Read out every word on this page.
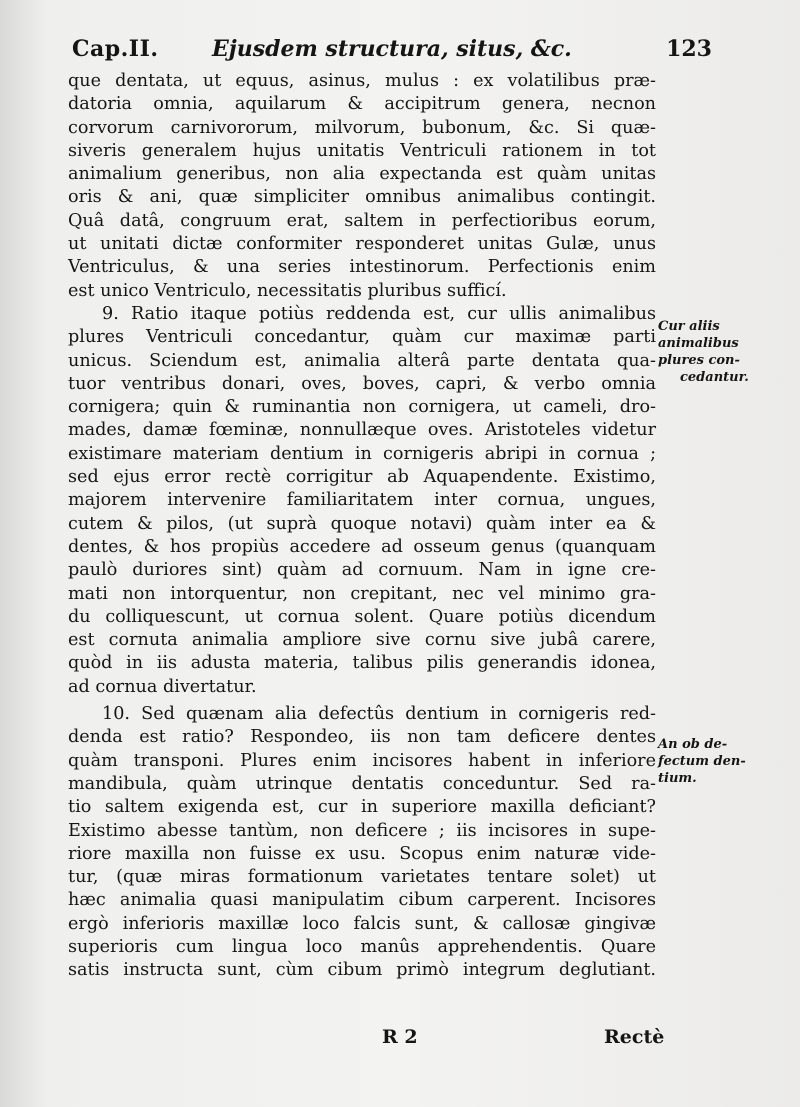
Cap.II. Ejusdem structura, situs, &c.	123
que dentata, ut equus, asinus, mulus : ex volatilibus præ-
datoria omnia, aquilarum & accipitrum genera, necnon
corvorum carnivororum, milvorum, bubonum, &c. Si quæ-
siveris generalem hujus unitatis Ventriculi rationem in tot
animalium generibus, non alia expectanda est quàm unitas
oris & ani, quæ simpliciter omnibus animalibus contingit.
Quâ datâ, congruum erat, saltem in perfectioribus eorum,
ut unitati dictæ conformiter responderet unitas Gulæ, unus
Ventriculus, & una series intestinorum. Perfectionis enim
est unico Ventriculo, necessitatis pluribus sufficí.
9. Ratio itaque potiùs reddenda est, cur ullis animalibus
plures Ventriculi concedantur, quàm cur maximæ parti
unicus. Sciendum est, animalia alterâ parte dentata qua-
tuor ventribus donari, oves, boves, capri, & verbo omnia
cornigera; quin & ruminantia non cornigera, ut cameli, dro-
mades, damæ fœminæ, nonnullæque oves. Aristoteles videtur
existimare materiam dentium in cornigeris abripi in cornua ;
sed ejus error rectè corrigitur ab Aquapendente. Existimo,
majorem intervenire familiaritatem inter cornua, ungues,
cutem & pilos, (ut suprà quoque notavi) quàm inter ea &
dentes, & hos propiùs accedere ad osseum genus (quanquam
paulò duriores sint) quàm ad cornuum. Nam in igne cre-
mati non intorquentur, non crepitant, nec vel minimo gra-
du colliquescunt, ut cornua solent. Quare potiùs dicendum
est cornuta animalia ampliore sive cornu sive jubâ carere,
quòd in iis adusta materia, talibus pilis generandis idonea,
ad cornua divertatur.
10. Sed quænam alia defectûs dentium in cornigeris red-
denda est ratio? Respondeo, iis non tam deficere dentes
quàm transponi. Plures enim incisores habent in inferiore
mandibula, quàm utrinque dentatis conceduntur. Sed ra-
tio saltem exigenda est, cur in superiore maxilla deficiant?
Existimo abesse tantùm, non deficere ; iis incisores in supe-
riore maxilla non fuisse ex usu. Scopus enim naturæ vide-
tur, (quæ miras formationum varietates tentare solet) ut
hæc animalia quasi manipulatim cibum carperent. Incisores
ergò inferioris maxillæ loco falcis sunt, & callosæ gingivæ
superioris cum lingua loco manûs apprehendentis. Quare
satis instructa sunt, cùm cibum primò integrum deglutiant.
Cur aliis
animalibus
plures con-
cedantur.
An ob de-
fectum den-
tium.
R 2	Rectè
